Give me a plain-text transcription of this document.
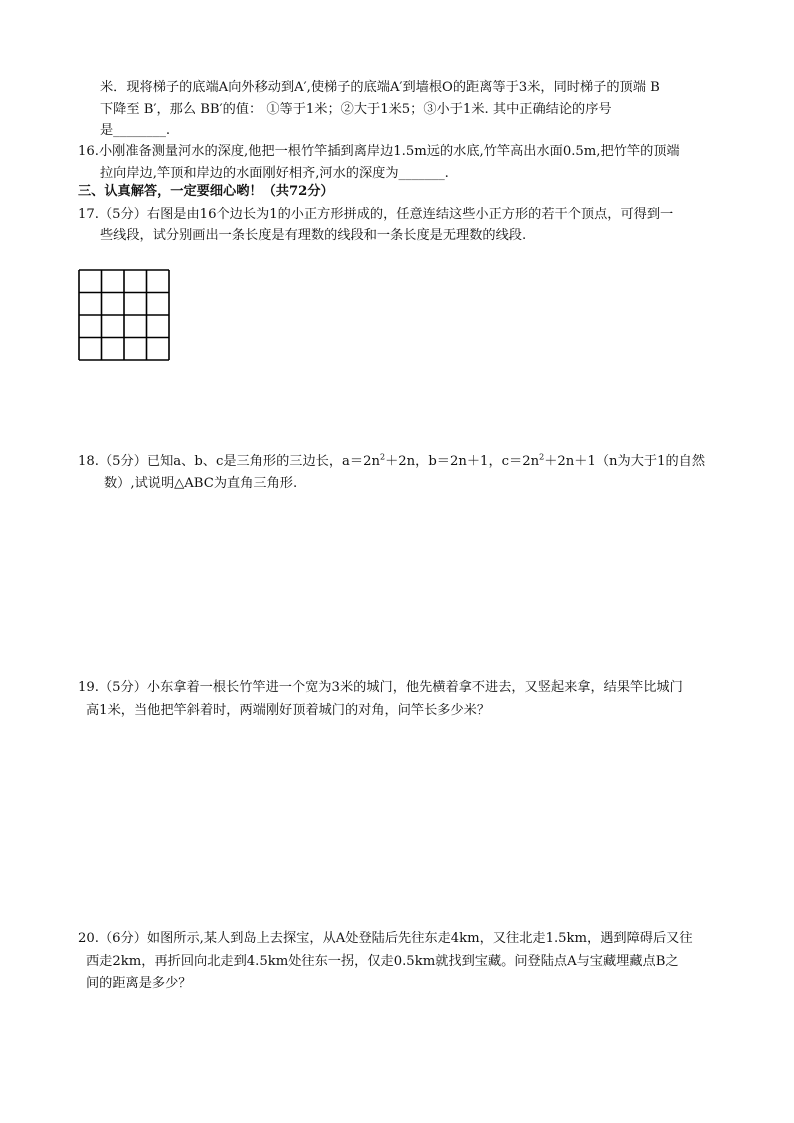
米．现将梯子的底端A向外移动到A′,使梯子的底端A′到墙根O的距离等于3米，同时梯子的顶端 B
下降至 B′，那么 BB′的值： ①等于1米；②大于1米5；③小于1米. 其中正确结论的序号
是________.
16.小刚准备测量河水的深度,他把一根竹竿插到离岸边1.5m远的水底,竹竿高出水面0.5m,把竹竿的顶端
拉向岸边,竿顶和岸边的水面刚好相齐,河水的深度为_______.
三、认真解答，一定要细心哟！（共72分）
17.（5分）右图是由16个边长为1的小正方形拼成的，任意连结这些小正方形的若干个顶点，可得到一
些线段，试分别画出一条长度是有理数的线段和一条长度是无理数的线段.
18.（5分）已知a、b、c是三角形的三边长，$a=2n^2+2n$，b＝2n＋1，$c=2n^2+2n+1(n$为大于1的自然
数）,试说明△ABC为直角三角形.
19.（5分）小东拿着一根长竹竿进一个宽为3米的城门，他先横着拿不进去，又竖起来拿，结果竿比城门
高1米，当他把竿斜着时，两端刚好顶着城门的对角，问竿长多少米？
20.（6分）如图所示,某人到岛上去探宝，从A处登陆后先往东走4km，又往北走1.5km，遇到障碍后又往
西走2km，再折回向北走到4.5km处往东一拐，仅走0.5km就找到宝藏。问登陆点A与宝藏埋藏点B之
间的距离是多少？
